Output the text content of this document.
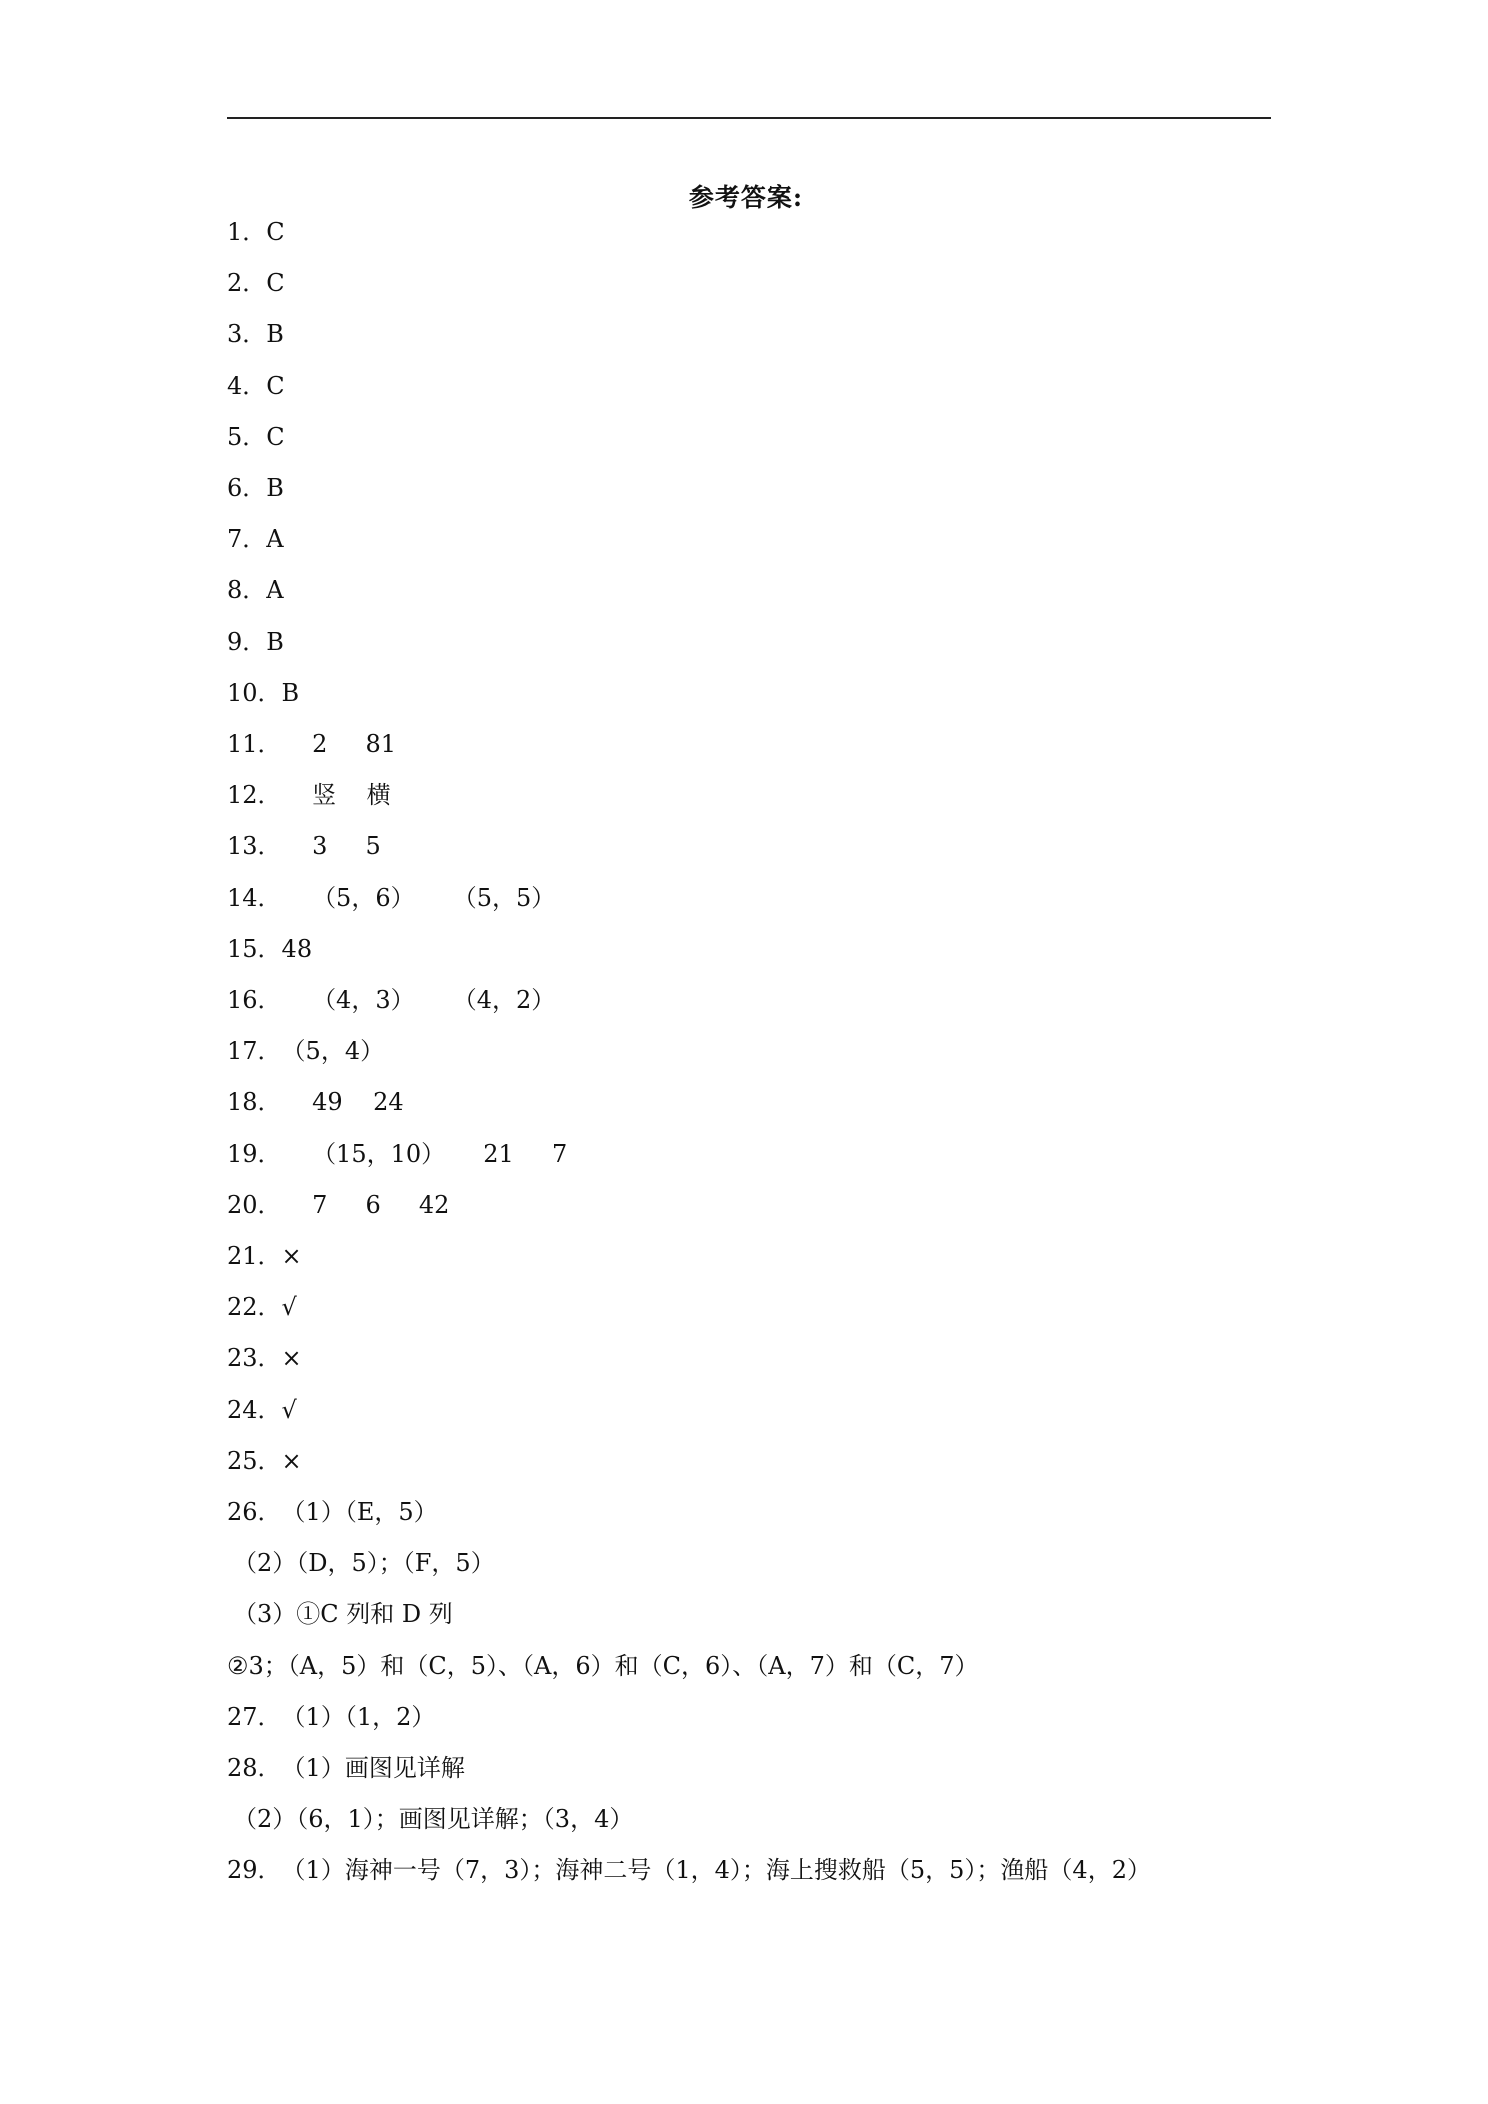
参考答案:
1．C
2．C
3．B
4．C
5．C
6．B
7．A
8．A
9．B
10．B
11．    2     81
12．    竖    横
13．    3     5
14．    （5，6）     （5，5）
15．48
16．    （4，3）     （4，2）
17．（5，4）
18．    49    24
19．    （15，10）     21     7
20．    7     6     42
21．×
22．√
23．×
24．√
25．×
26．（1）（E，5）
（2）（D，5）；（F，5）
（3）①C 列和 D 列
②3；（A，5）和（C，5）、（A，6）和（C，6）、（A，7）和（C，7）
27．（1）（1，2）
28．（1）画图见详解
（2）（6，1）；画图见详解；（3，4）
29．（1）海神一号（7，3）；海神二号（1，4）；海上搜救船（5，5）；渔船（4，2）
